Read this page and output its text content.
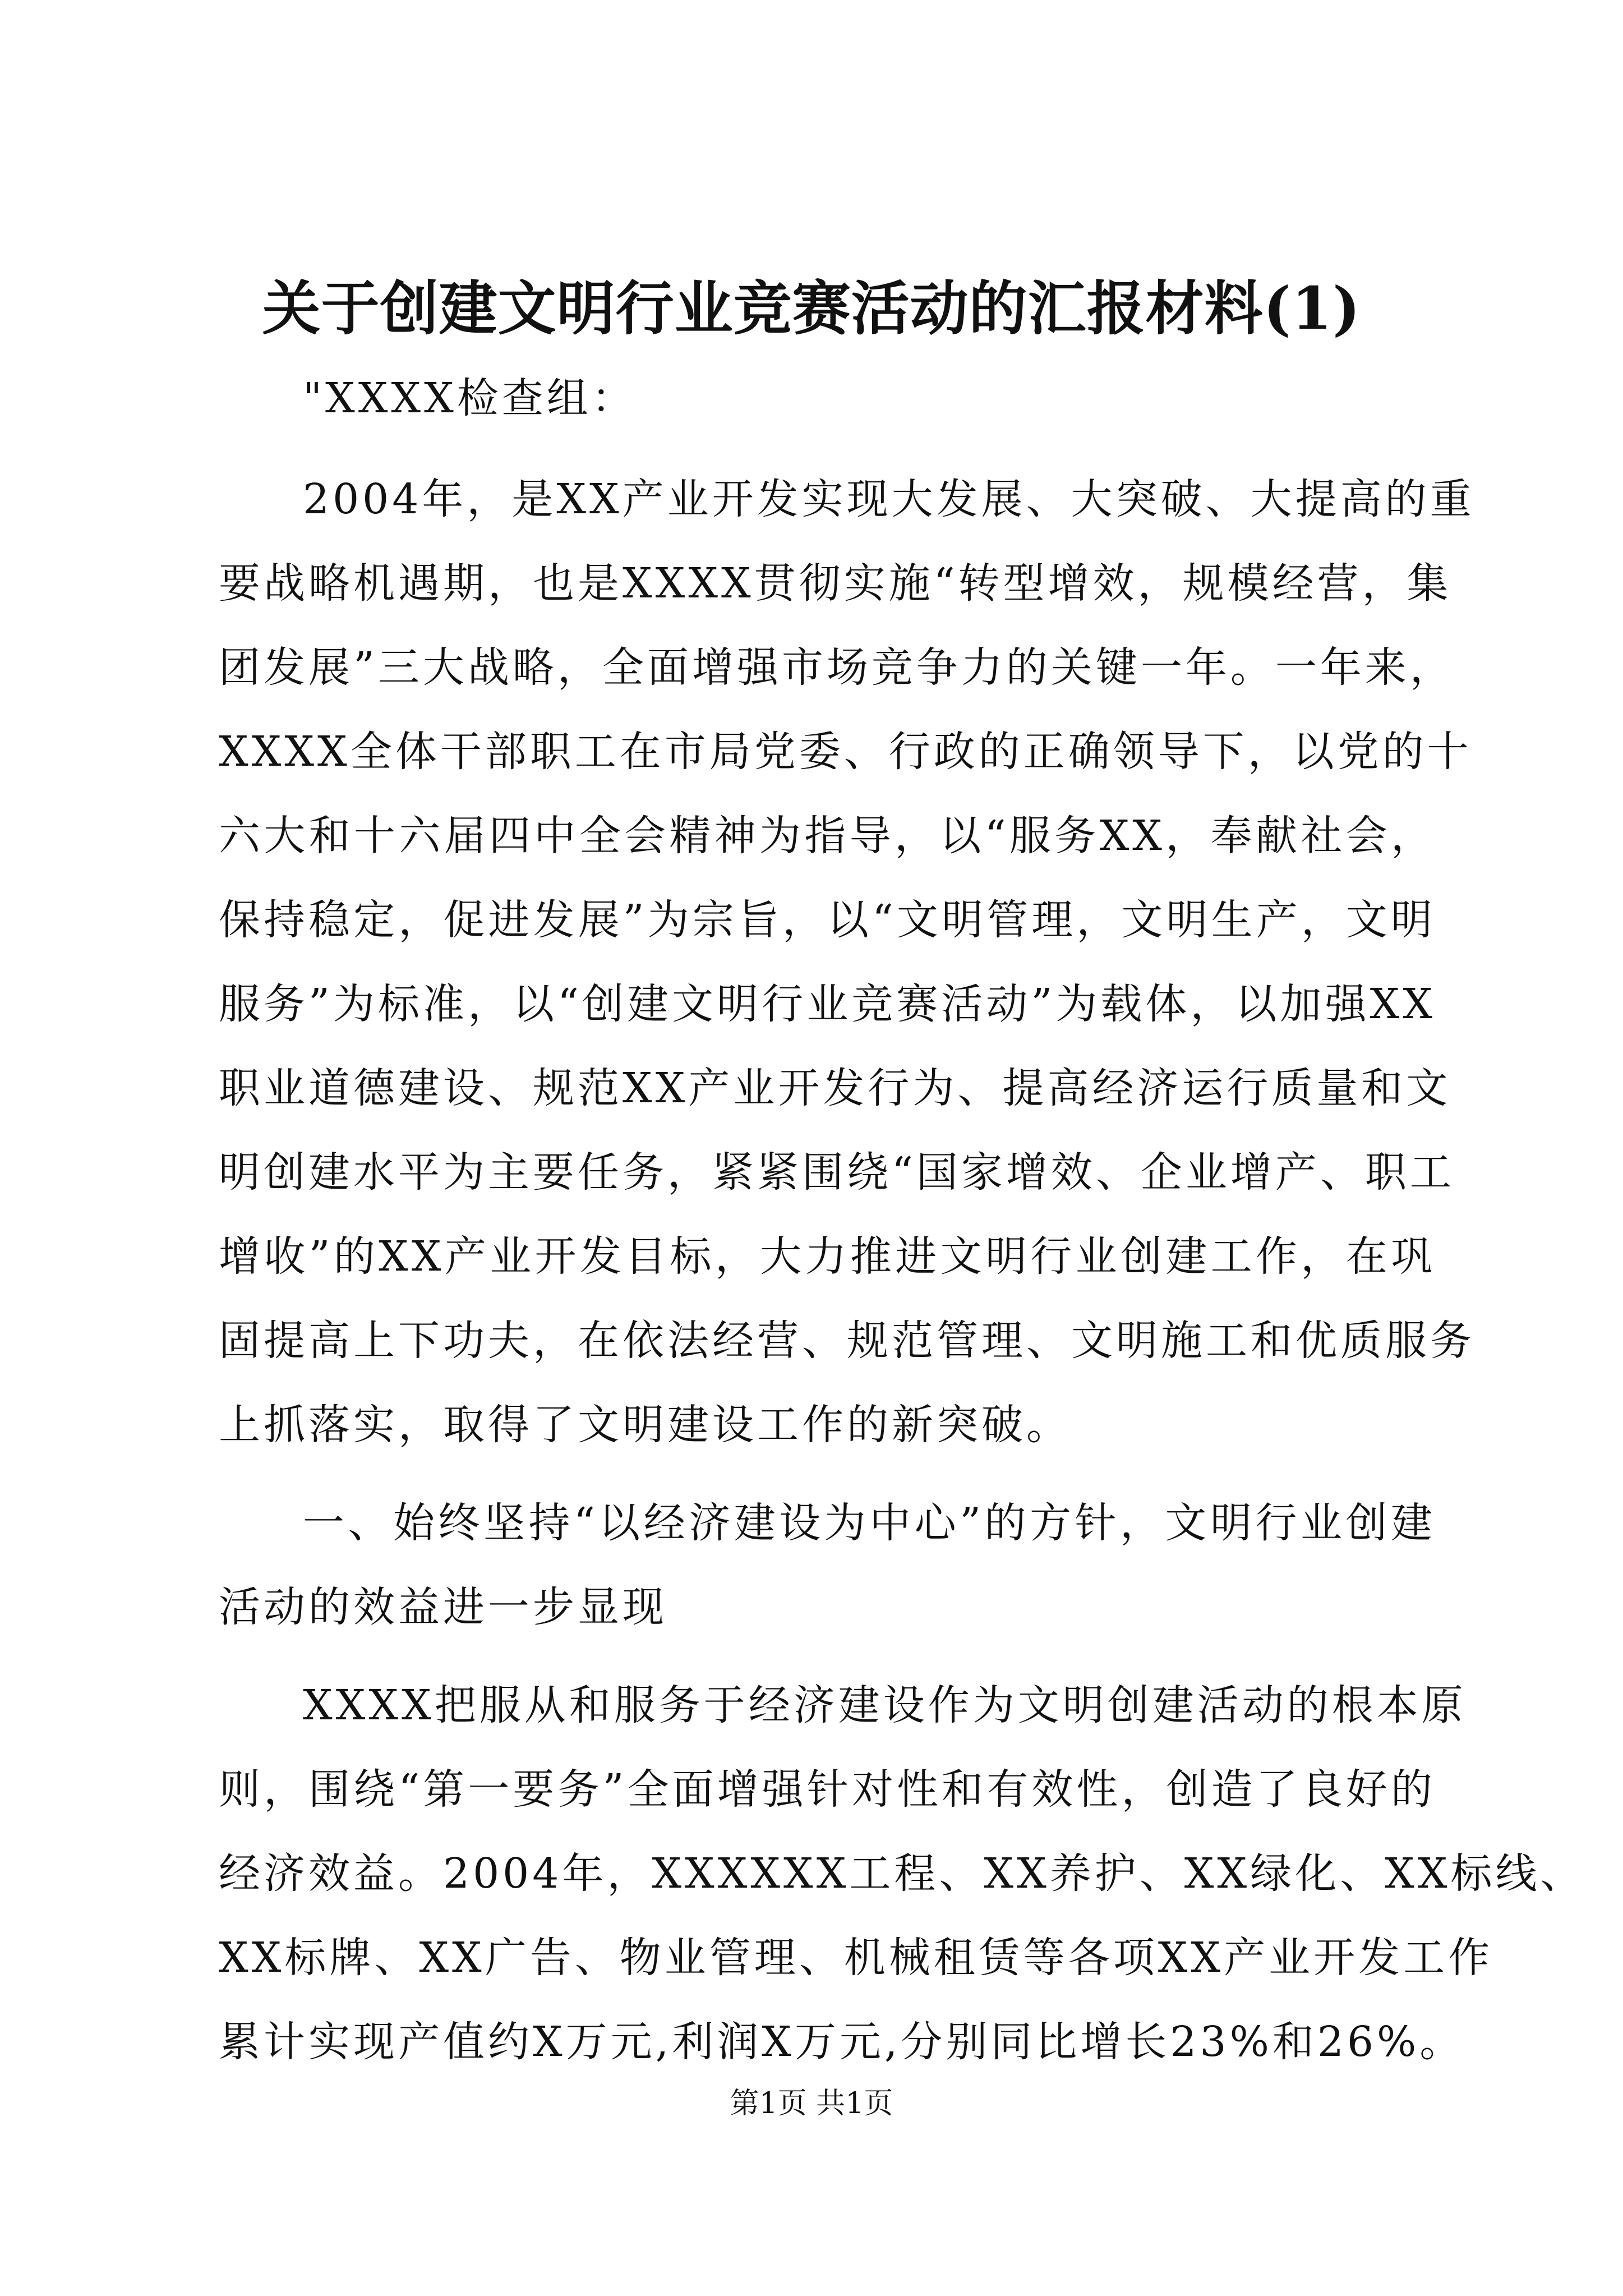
关于创建文明行业竞赛活动的汇报材料(1)
"XXXX检查组：
2004年，是XX产业开发实现大发展、大突破、大提高的重
要战略机遇期，也是XXXX贯彻实施“转型增效，规模经营，集
团发展”三大战略，全面增强市场竞争力的关键一年。一年来，
XXXX全体干部职工在市局党委、行政的正确领导下，以党的十
六大和十六届四中全会精神为指导，以“服务XX，奉献社会，
保持稳定，促进发展”为宗旨，以“文明管理，文明生产，文明
服务”为标准，以“创建文明行业竞赛活动”为载体，以加强XX
职业道德建设、规范XX产业开发行为、提高经济运行质量和文
明创建水平为主要任务，紧紧围绕“国家增效、企业增产、职工
增收”的XX产业开发目标，大力推进文明行业创建工作，在巩
固提高上下功夫，在依法经营、规范管理、文明施工和优质服务
上抓落实，取得了文明建设工作的新突破。
一、始终坚持“以经济建设为中心”的方针，文明行业创建
活动的效益进一步显现
XXXX把服从和服务于经济建设作为文明创建活动的根本原
则，围绕“第一要务”全面增强针对性和有效性，创造了良好的
经济效益。2004年，XXXXXX工程、XX养护、XX绿化、XX标线、
XX标牌、XX广告、物业管理、机械租赁等各项XX产业开发工作
累计实现产值约X万元,利润X万元,分别同比增长23%和26%。
第1页 共1页
